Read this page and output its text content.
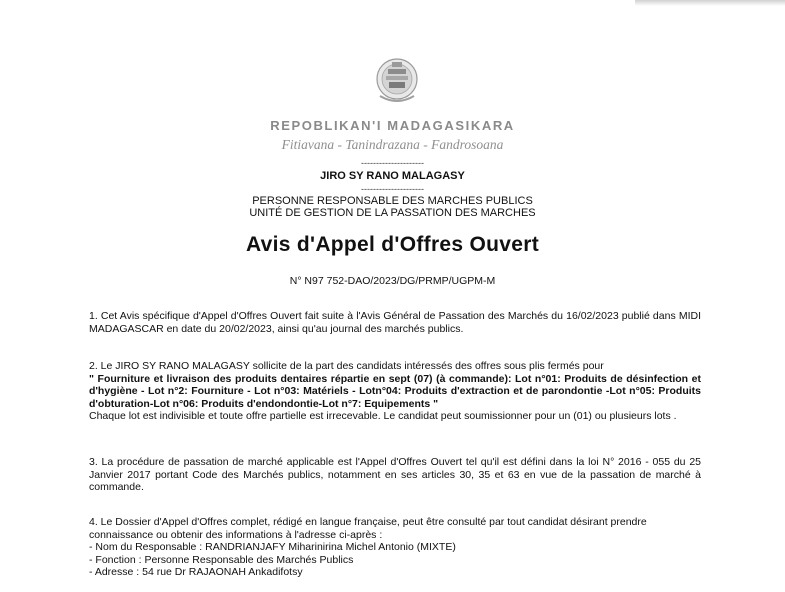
REPOBLIKAN'I MADAGASIKARA
Fitiavana - Tanindrazana - Fandrosoana
---------------------
JIRO SY RANO MALAGASY
---------------------
PERSONNE RESPONSABLE DES MARCHES PUBLICS
UNITÉ DE GESTION DE LA PASSATION DES MARCHES
Avis d'Appel d'Offres Ouvert
N° N97 752-DAO/2023/DG/PRMP/UGPM-M

1. Cet Avis spécifique d'Appel d'Offres Ouvert fait suite à l'Avis Général de Passation des Marchés du 16/02/2023 publié dans MIDI MADAGASCAR en date du 20/02/2023, ainsi qu'au journal des marchés publics.

2. Le JIRO SY RANO MALAGASY sollicite de la part des candidats intéressés des offres sous plis fermés pour
" Fourniture et livraison des produits dentaires répartie en sept (07) (à commande): Lot n°01: Produits de désinfection et d'hygiène - Lot n°2: Fourniture - Lot n°03: Matériels - Lotn°04: Produits d'extraction et de parondontie -Lot n°05: Produits d'obturation-Lot n°06: Produits d'endondontie-Lot n°7: Equipements "
Chaque lot est indivisible et toute offre partielle est irrecevable. Le candidat peut soumissionner pour un (01) ou plusieurs lots .

3. La procédure de passation de marché applicable est l'Appel d'Offres Ouvert tel qu'il est défini dans la loi N° 2016 - 055 du 25 Janvier 2017 portant Code des Marchés publics, notamment en ses articles 30, 35 et 63 en vue de la passation de marché à commande.

4. Le Dossier d'Appel d'Offres complet, rédigé en langue française, peut être consulté par tout candidat désirant prendre connaissance ou obtenir des informations à l'adresse ci-après :
- Nom du Responsable : RANDRIANJAFY Miharinirina Michel Antonio (MIXTE)
- Fonction : Personne Responsable des Marchés Publics
- Adresse : 54 rue Dr RAJAONAH Ankadifotsy
